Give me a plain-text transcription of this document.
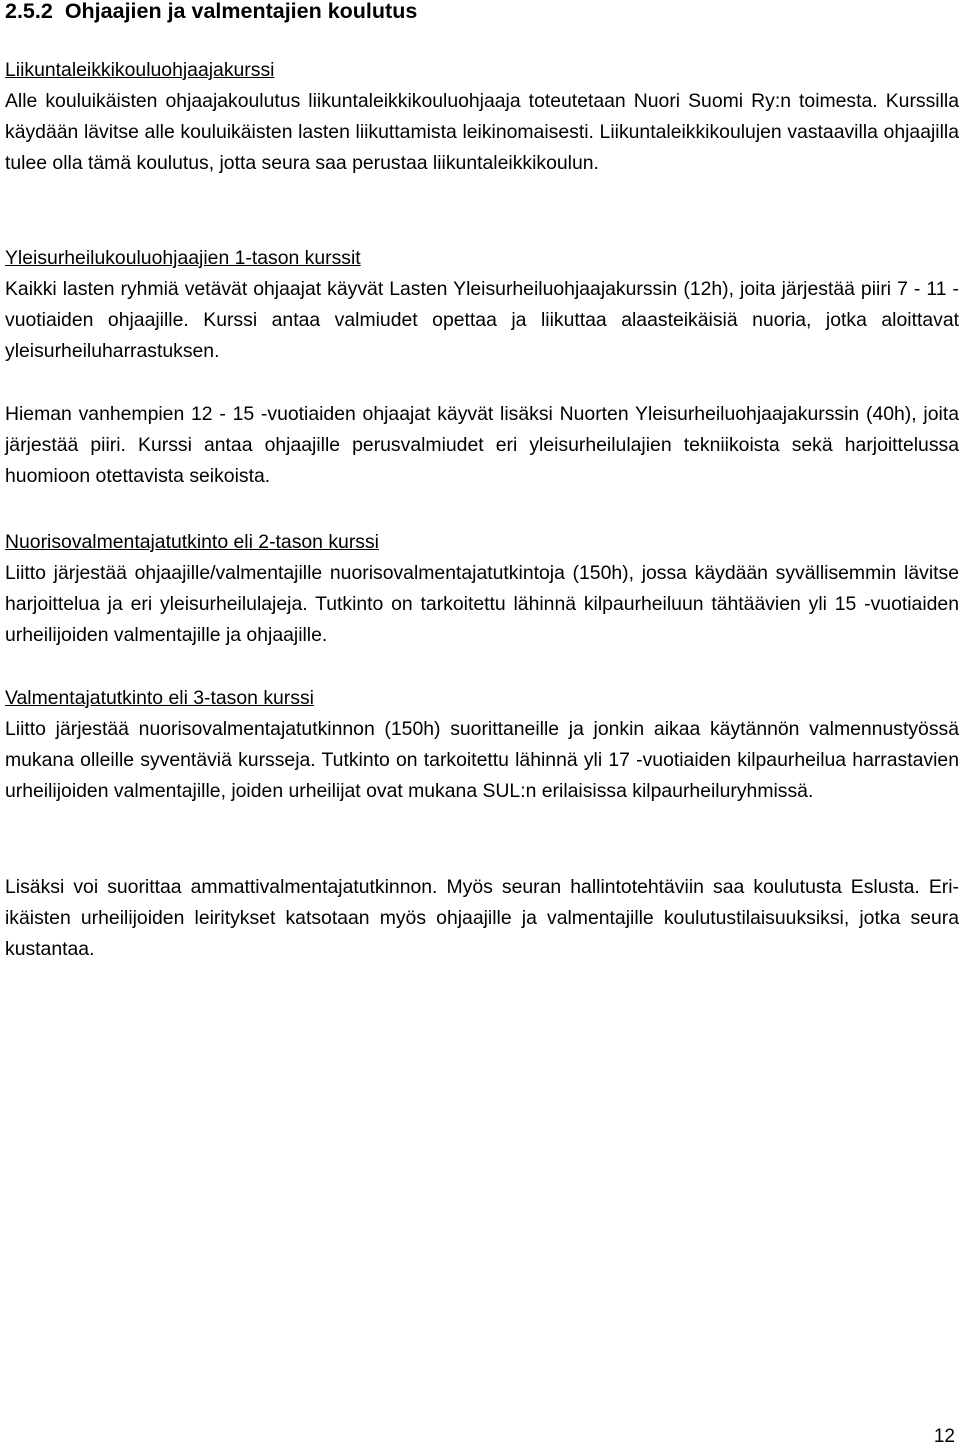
2.5.2 Ohjaajien ja valmentajien koulutus
Liikuntaleikkikouluohjaajakurssi

Alle kouluikäisten ohjaajakoulutus liikuntaleikkikouluohjaaja toteutetaan Nuori Suomi Ry:n toimesta. Kurssilla käydään lävitse alle kouluikäisten lasten liikuttamista leikinomaisesti. Liikuntaleikkikoulujen vastaavilla ohjaajilla tulee olla tämä koulutus, jotta seura saa perustaa liikuntaleikkikoulun.

Yleisurheilukouluohjaajien 1-tason kurssit

Kaikki lasten ryhmiä vetävät ohjaajat käyvät Lasten Yleisurheiluohjaajakurssin (12h), joita järjestää piiri 7 - 11 -vuotiaiden ohjaajille. Kurssi antaa valmiudet opettaa ja liikuttaa alaasteikäisiä nuoria, jotka aloittavat yleisurheiluharrastuksen.

Hieman vanhempien 12 - 15 -vuotiaiden ohjaajat käyvät lisäksi Nuorten Yleisurheiluohjaajakurssin (40h), joita järjestää piiri. Kurssi antaa ohjaajille perusvalmiudet eri yleisurheilulajien tekniikoista sekä harjoittelussa huomioon otettavista seikoista.

Nuorisovalmentajatutkinto eli 2-tason kurssi

Liitto järjestää ohjaajille/valmentajille nuorisovalmentajatutkintoja (150h), jossa käydään syvällisemmin lävitse harjoittelua ja eri yleisurheilulajeja. Tutkinto on tarkoitettu lähinnä kilpaurheiluun tähtäävien yli 15 -vuotiaiden urheilijoiden valmentajille ja ohjaajille.

Valmentajatutkinto eli 3-tason kurssi

Liitto järjestää nuorisovalmentajatutkinnon (150h) suorittaneille ja jonkin aikaa käytännön valmennustyössä mukana olleille syventäviä kursseja. Tutkinto on tarkoitettu lähinnä yli 17 -vuotiaiden kilpaurheilua harrastavien urheilijoiden valmentajille, joiden urheilijat ovat mukana SUL:n erilaisissa kilpaurheiluryhmissä.

Lisäksi voi suorittaa ammattivalmentajatutkinnon. Myös seuran hallintotehtäviin saa koulutusta Eslusta. Eri-ikäisten urheilijoiden leiritykset katsotaan myös ohjaajille ja valmentajille koulutustilaisuuksiksi, jotka seura kustantaa.

12
